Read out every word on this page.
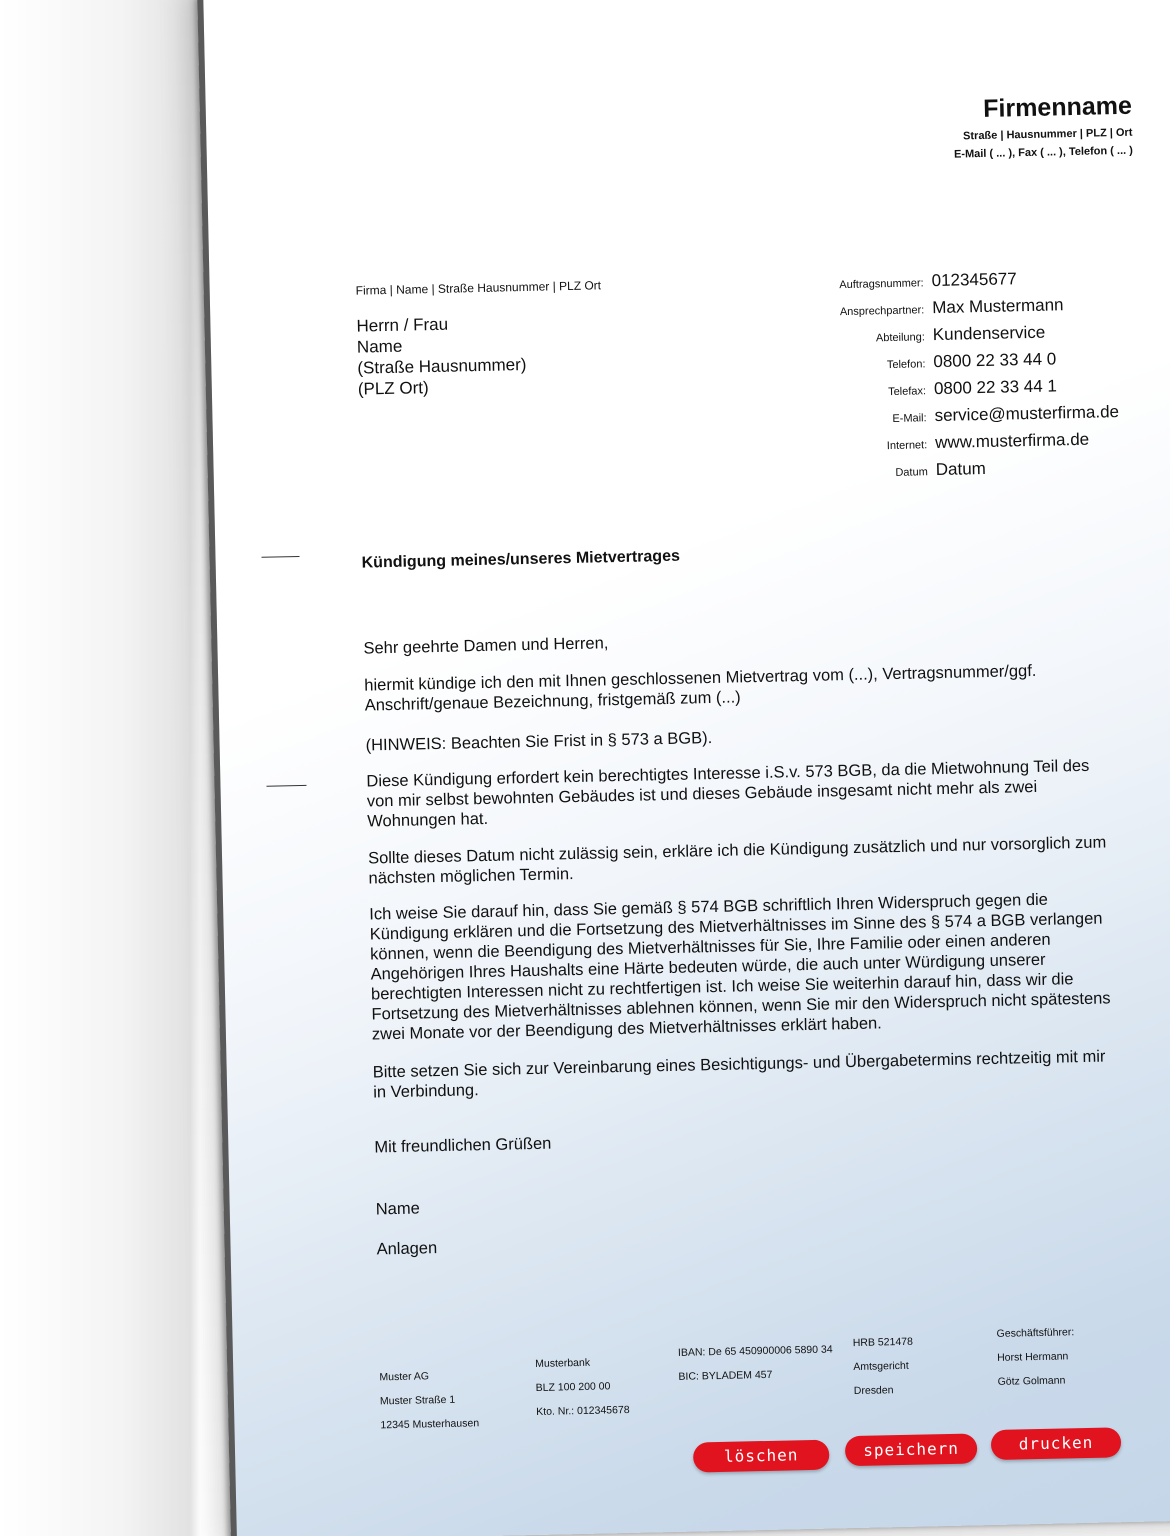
Firmenname
Straße | Hausnummer | PLZ | Ort
E-Mail ( ... ), Fax ( ... ), Telefon ( ... )
Firma | Name | Straße Hausnummer | PLZ Ort
Herrn / Frau
Name
(Straße Hausnummer)
(PLZ Ort)
Auftragsnummer: 012345677
Ansprechpartner: Max Mustermann
Abteilung: Kundenservice
Telefon: 0800 22 33 44 0
Telefax: 0800 22 33 44 1
E-Mail: service@musterfirma.de
Internet: www.musterfirma.de
Datum Datum
Kündigung meines/unseres Mietvertrages
Sehr geehrte Damen und Herren,
hiermit kündige ich den mit Ihnen geschlossenen Mietvertrag vom (...), Vertragsnummer/ggf. Anschrift/genaue Bezeichnung, fristgemäß zum (...)
(HINWEIS: Beachten Sie Frist in § 573 a BGB).
Diese Kündigung erfordert kein berechtigtes Interesse i.S.v. 573 BGB, da die Mietwohnung Teil des von mir selbst bewohnten Gebäudes ist und dieses Gebäude insgesamt nicht mehr als zwei Wohnungen hat.
Sollte dieses Datum nicht zulässig sein, erkläre ich die Kündigung zusätzlich und nur vorsorglich zum nächsten möglichen Termin.
Ich weise Sie darauf hin, dass Sie gemäß § 574 BGB schriftlich Ihren Widerspruch gegen die Kündigung erklären und die Fortsetzung des Mietverhältnisses im Sinne des § 574 a BGB verlangen können, wenn die Beendigung des Mietverhältnisses für Sie, Ihre Familie oder einen anderen Angehörigen Ihres Haushalts eine Härte bedeuten würde, die auch unter Würdigung unserer berechtigten Interessen nicht zu rechtfertigen ist. Ich weise Sie weiterhin darauf hin, dass wir die Fortsetzung des Mietverhältnisses ablehnen können, wenn Sie mir den Widerspruch nicht spätestens zwei Monate vor der Beendigung des Mietverhältnisses erklärt haben.
Bitte setzen Sie sich zur Vereinbarung eines Besichtigungs- und Übergabetermins rechtzeitig mit mir in Verbindung.
Mit freundlichen Grüßen
Name
Anlagen
Muster AG
Muster Straße 1
12345 Musterhausen
Musterbank
BLZ 100 200 00
Kto. Nr.: 012345678
IBAN: De 65 450900006 5890 34
BIC: BYLADEM 457
HRB 521478
Amtsgericht
Dresden
Geschäftsführer:
Horst Hermann
Götz Golmann
löschen	speichern	drucken
